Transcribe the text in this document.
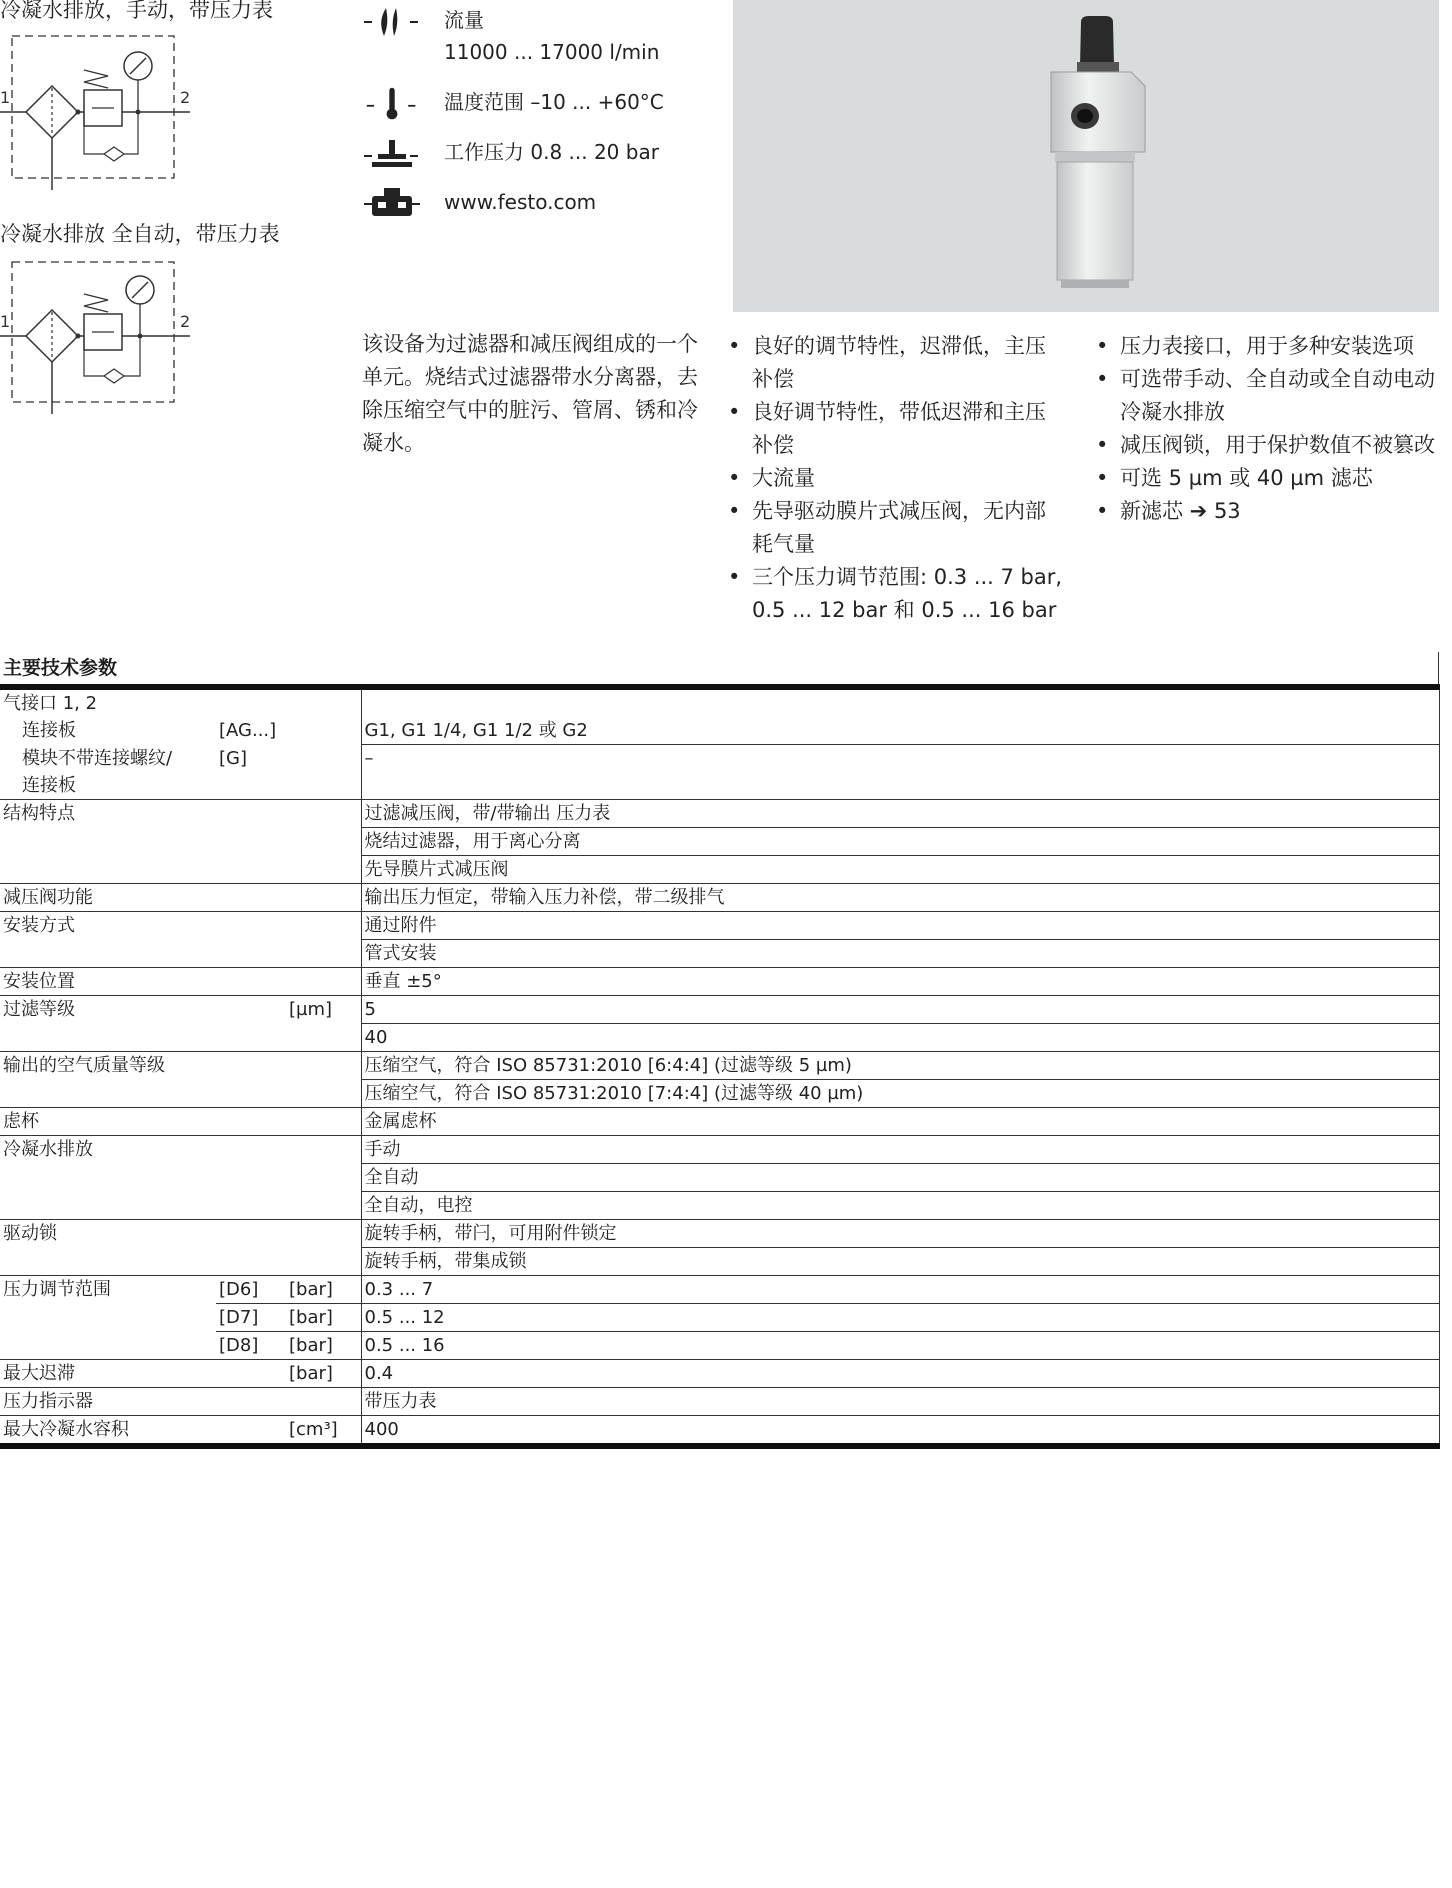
冷凝水排放，手动，带压力表
1	2
冷凝水排放 全自动，带压力表
1	2
流量
11000 ... 17000 l/min
温度范围 –10 ... +60°C
工作压力 0.8 ... 20 bar
www.festo.com
该设备为过滤器和减压阀组成的一个单元。烧结式过滤器带水分离器，去除压缩空气中的脏污、管屑、锈和冷凝水。
• 良好的调节特性，迟滞低，主压补偿
• 良好调节特性，带低迟滞和主压补偿
• 大流量
• 先导驱动膜片式减压阀，无内部耗气量
• 三个压力调节范围: 0.3 ... 7 bar, 0.5 ... 12 bar 和 0.5 ... 16 bar
• 压力表接口，用于多种安装选项
• 可选带手动、全自动或全自动电动冷凝水排放
• 减压阀锁，用于保护数值不被篡改
• 可选 5 µm 或 40 µm 滤芯
• 新滤芯 ➔ 53
主要技术参数
气接口 1, 2			
连接板	[AG...]		G1, G1 1/4, G1 1/2 或 G2
模块不带连接螺纹/	[G]		–
连接板			
结构特点			过滤减压阀，带/带输出 压力表
			烧结过滤器，用于离心分离
			先导膜片式减压阀
减压阀功能			输出压力恒定，带输入压力补偿，带二级排气
安装方式			通过附件
			管式安装
安装位置			垂直 ±5°
过滤等级		[µm]	5
			40
输出的空气质量等级			压缩空气，符合 ISO 85731:2010 [6:4:4] (过滤等级 5 µm)
			压缩空气，符合 ISO 85731:2010 [7:4:4] (过滤等级 40 µm)
虑杯			金属虑杯
冷凝水排放			手动
			全自动
			全自动，电控
驱动锁			旋转手柄，带闩，可用附件锁定
			旋转手柄，带集成锁
压力调节范围	[D6]	[bar]	0.3 ... 7
	[D7]	[bar]	0.5 ... 12
	[D8]	[bar]	0.5 ... 16
最大迟滞		[bar]	0.4
压力指示器			带压力表
最大冷凝水容积		[cm³]	400
